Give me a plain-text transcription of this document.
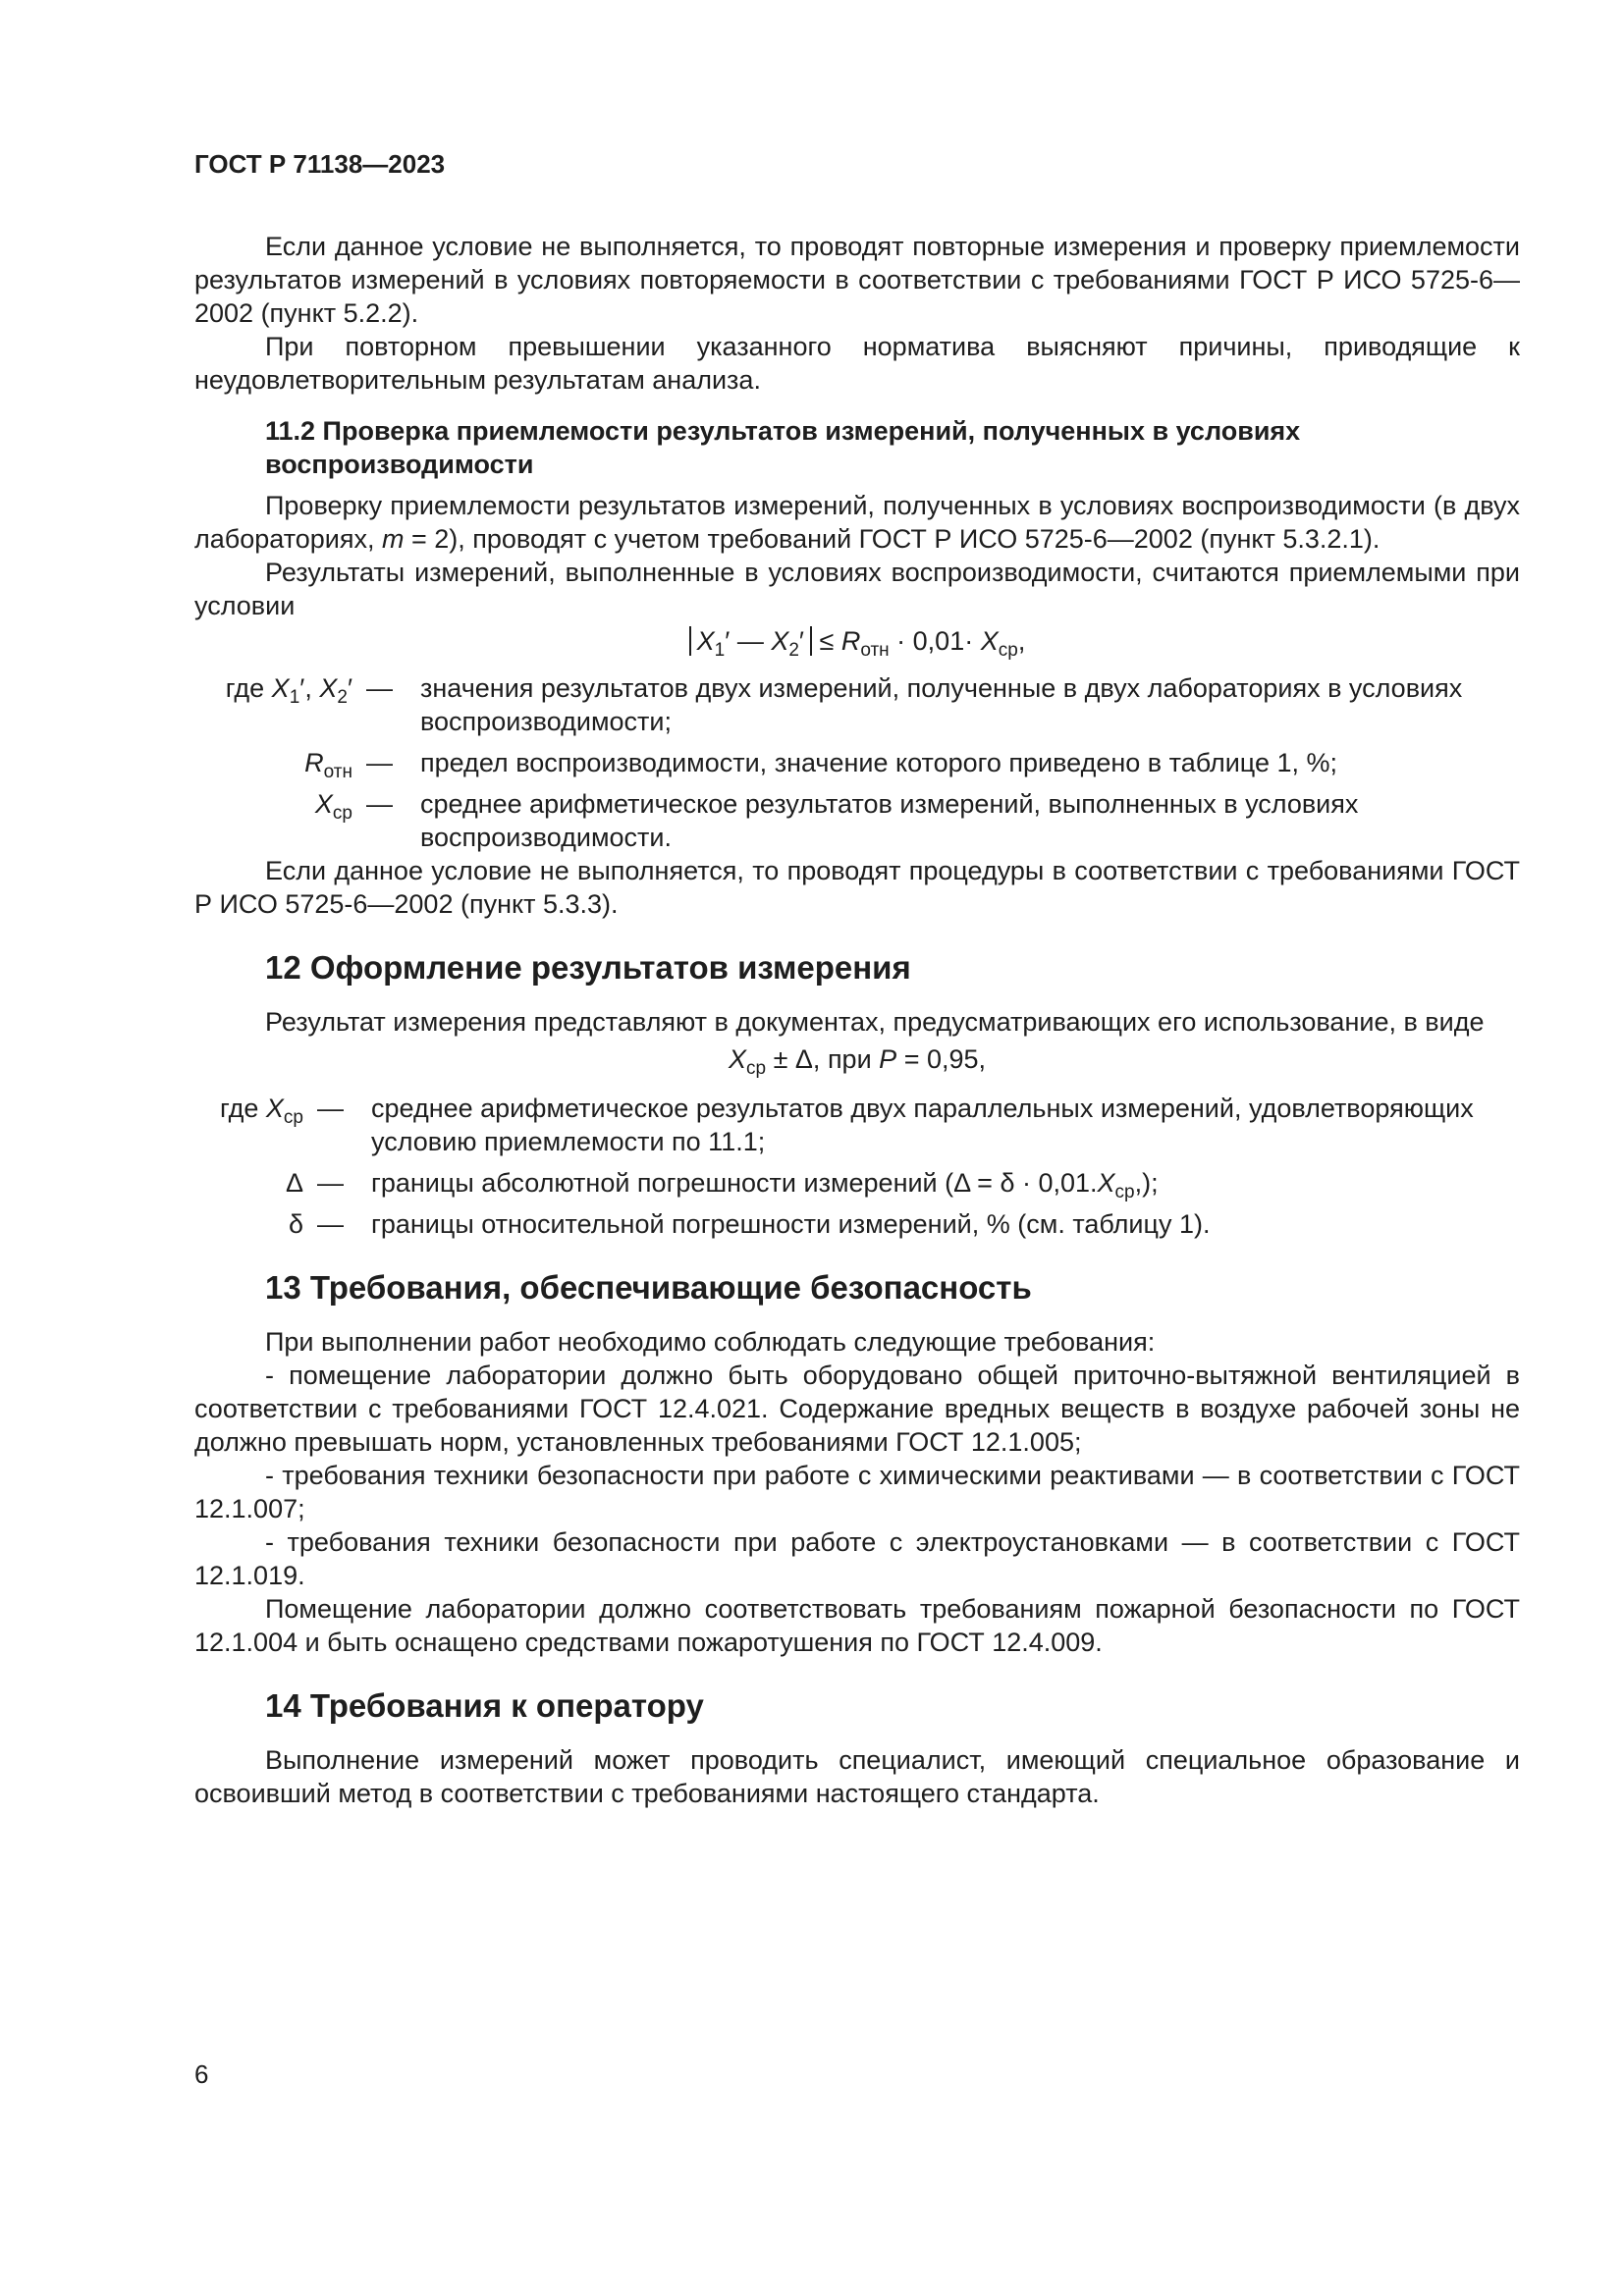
ГОСТ Р 71138—2023

Если данное условие не выполняется, то проводят повторные измерения и проверку приемлемости результатов измерений в условиях повторяемости в соответствии с требованиями ГОСТ Р ИСО 5725-6—2002 (пункт 5.2.2).

При повторном превышении указанного норматива выясняют причины, приводящие к неудовлетворительным результатам анализа.

11.2 Проверка приемлемости результатов измерений, полученных в условиях воспроизводимости

Проверку приемлемости результатов измерений, полученных в условиях воспроизводимости (в двух лабораториях, m = 2), проводят с учетом требований ГОСТ Р ИСО 5725-6—2002 (пункт 5.3.2.1).

Результаты измерений, выполненные в условиях воспроизводимости, считаются приемлемыми при условии

$X_1'$ — $X_2' \le R_{отн} \cdot 0,01\cdot X_{ср}$,
где $X_1'$, $X_2'$ —	значения результатов двух измерений, полученные в двух лабораториях в условиях воспроизводимости;
$R_{отн}$ —	предел воспроизводимости, значение которого приведено в таблице 1, %;
$X_{ср}$ —	среднее арифметическое результатов измерений, выполненных в условиях воспроизводимости.

Если данное условие не выполняется, то проводят процедуры в соответствии с требованиями ГОСТ Р ИСО 5725-6—2002 (пункт 5.3.3).

12 Оформление результатов измерения

Результат измерения представляют в документах, предусматривающих его использование, в виде

$X_{ср} \pm \Delta$, при P = 0,95,
где $X_{ср}$ —	среднее арифметическое результатов двух параллельных измерений, удовлетворяющих условию приемлемости по 11.1;
Δ —	границы абсолютной погрешности измерений $(\Delta = \delta \cdot 0,01.X_{ср},)$;
δ —	границы относительной погрешности измерений, % (см. таблицу 1).
13 Требования, обеспечивающие безопасность

При выполнении работ необходимо соблюдать следующие требования:

- помещение лаборатории должно быть оборудовано общей приточно-вытяжной вентиляцией в соответствии с требованиями ГОСТ 12.4.021. Содержание вредных веществ в воздухе рабочей зоны не должно превышать норм, установленных требованиями ГОСТ 12.1.005;

- требования техники безопасности при работе с химическими реактивами — в соответствии с ГОСТ 12.1.007;

- требования техники безопасности при работе с электроустановками — в соответствии с ГОСТ 12.1.019.

Помещение лаборатории должно соответствовать требованиям пожарной безопасности по ГОСТ 12.1.004 и быть оснащено средствами пожаротушения по ГОСТ 12.4.009.

14 Требования к оператору

Выполнение измерений может проводить специалист, имеющий специальное образование и освоивший метод в соответствии с требованиями настоящего стандарта.

6
